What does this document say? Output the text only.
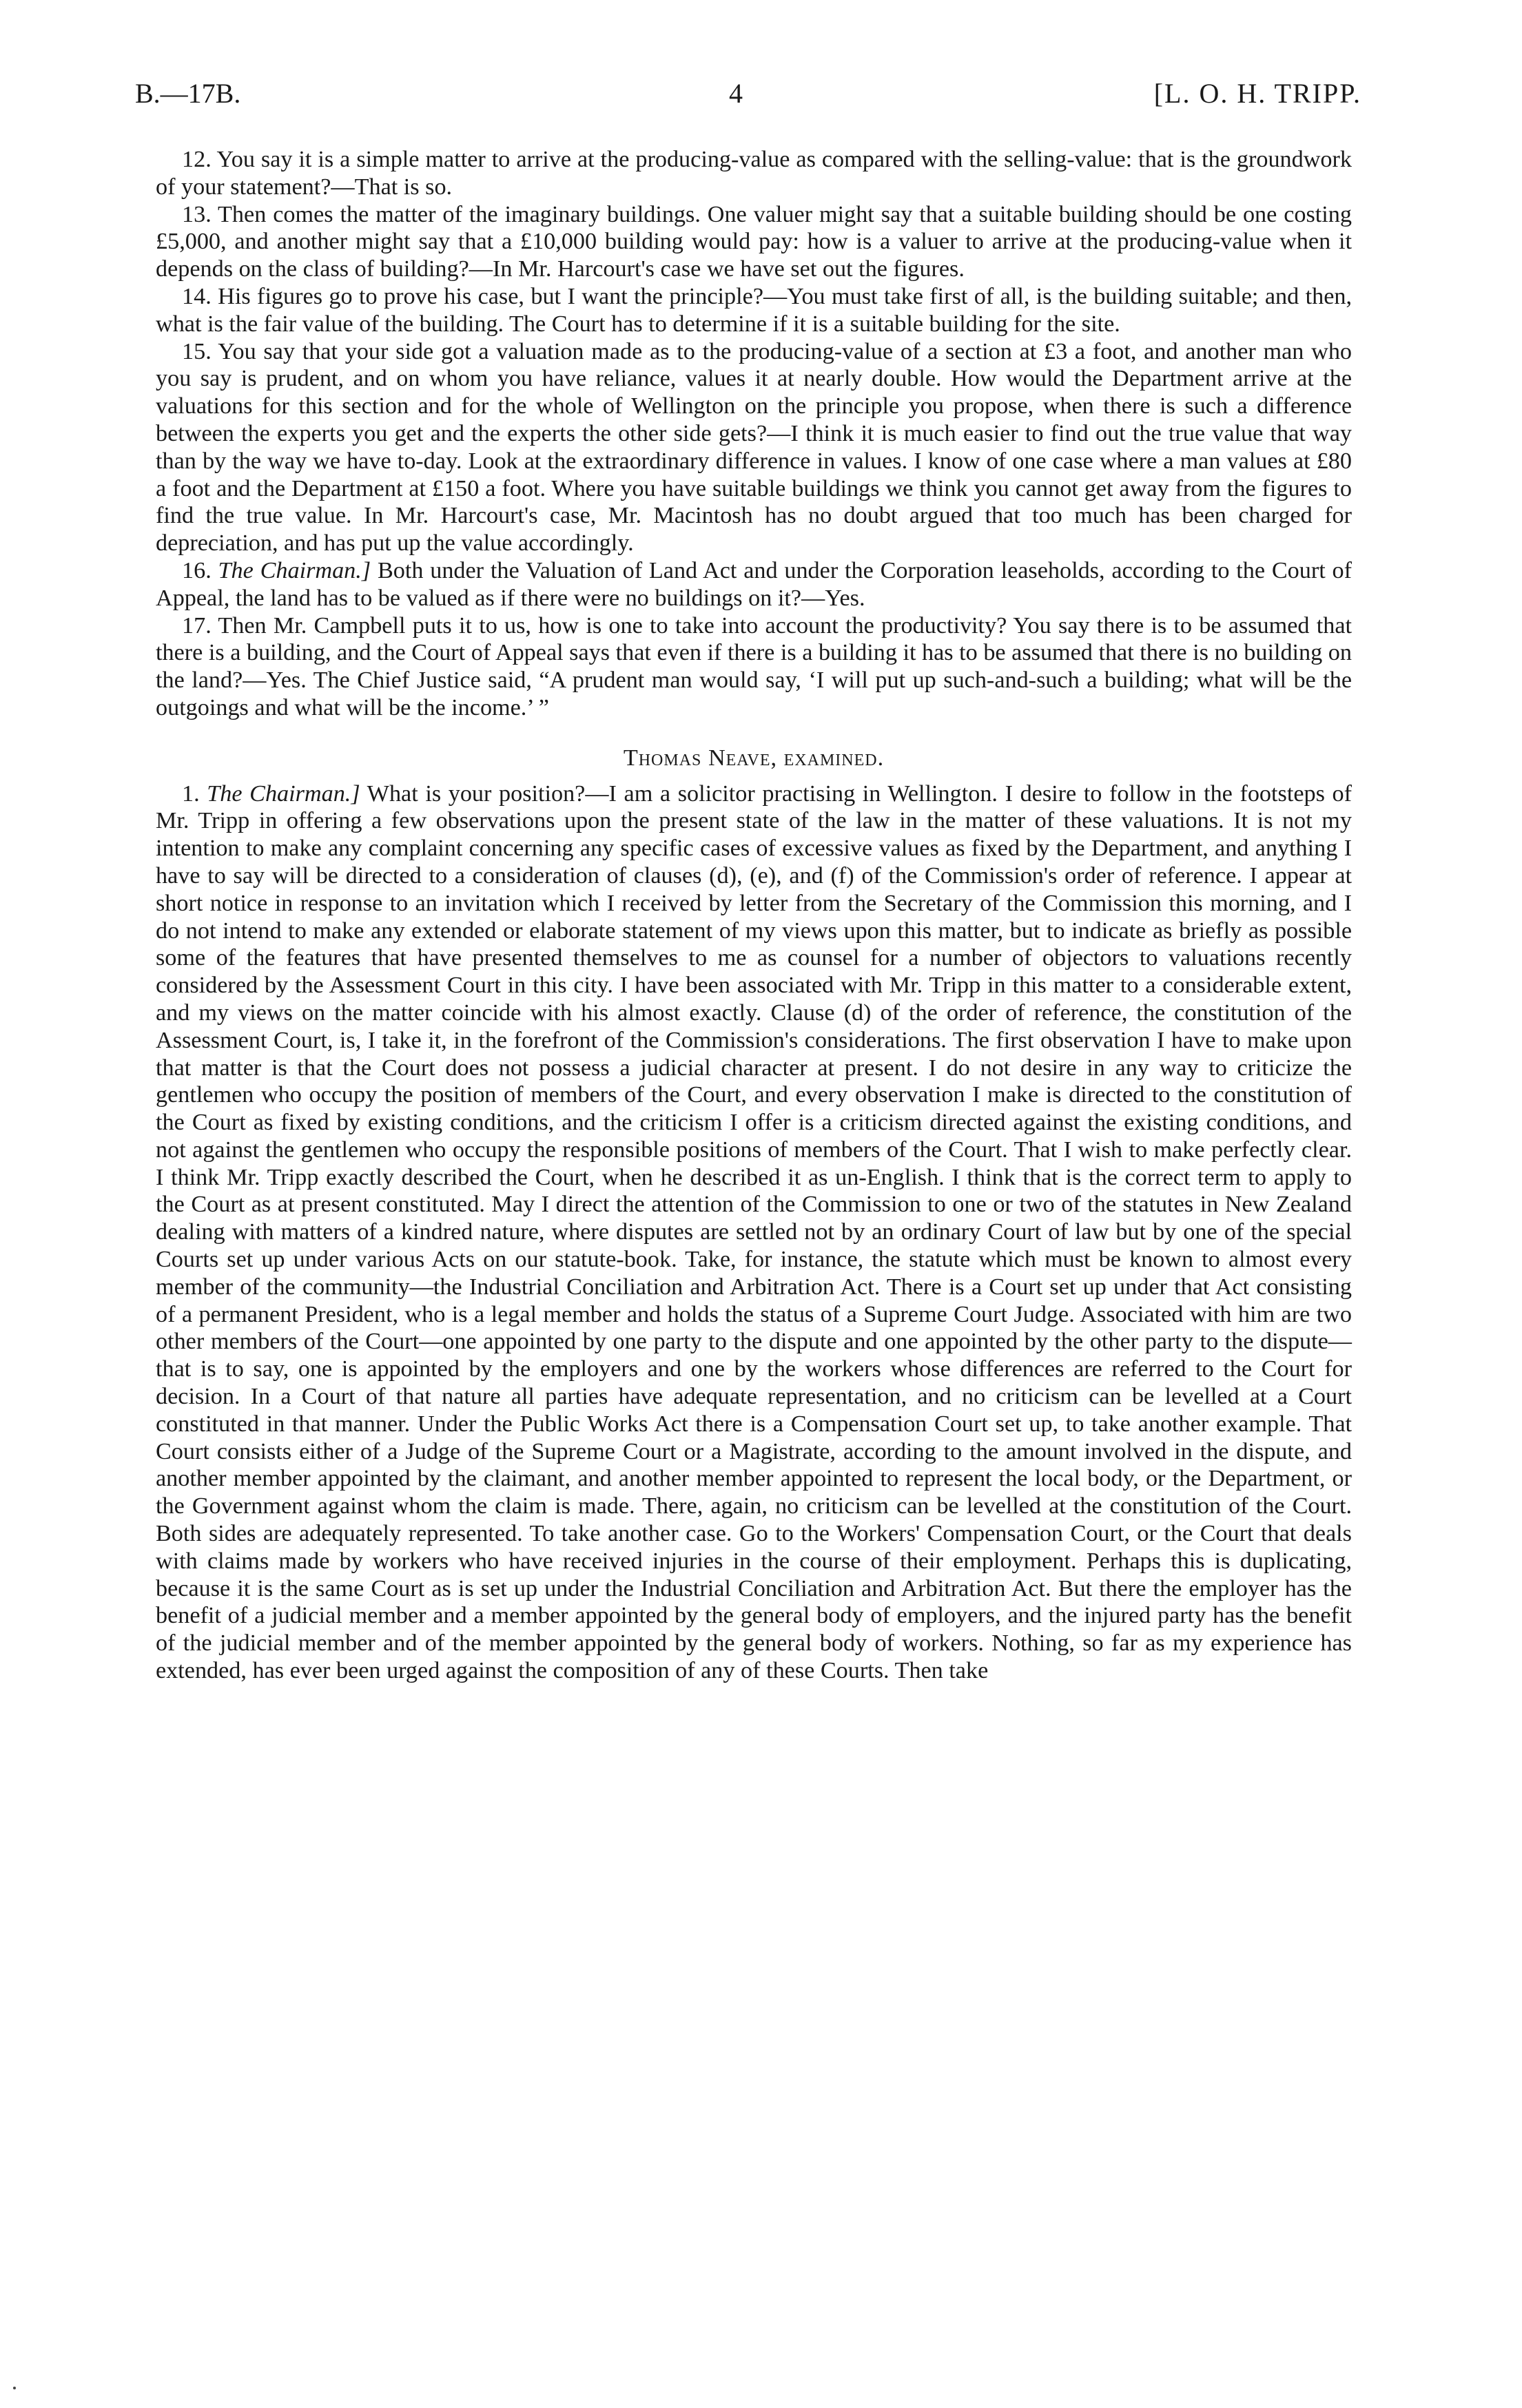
B.—17B.	4	[L. O. H. TRIPP.

12. You say it is a simple matter to arrive at the producing-value as compared with the selling-value: that is the groundwork of your statement?—That is so.

13. Then comes the matter of the imaginary buildings. One valuer might say that a suitable building should be one costing £5,000, and another might say that a £10,000 building would pay: how is a valuer to arrive at the producing-value when it depends on the class of building?—In Mr. Harcourt's case we have set out the figures.

14. His figures go to prove his case, but I want the principle?—You must take first of all, is the building suitable; and then, what is the fair value of the building. The Court has to determine if it is a suitable building for the site.

15. You say that your side got a valuation made as to the producing-value of a section at £3 a foot, and another man who you say is prudent, and on whom you have reliance, values it at nearly double. How would the Department arrive at the valuations for this section and for the whole of Wellington on the principle you propose, when there is such a difference between the experts you get and the experts the other side gets?—I think it is much easier to find out the true value that way than by the way we have to-day. Look at the extraordinary difference in values. I know of one case where a man values at £80 a foot and the Department at £150 a foot. Where you have suitable buildings we think you cannot get away from the figures to find the true value. In Mr. Harcourt's case, Mr. Macintosh has no doubt argued that too much has been charged for depreciation, and has put up the value accordingly.

16. The Chairman.] Both under the Valuation of Land Act and under the Corporation leaseholds, according to the Court of Appeal, the land has to be valued as if there were no buildings on it?—Yes.

17. Then Mr. Campbell puts it to us, how is one to take into account the productivity? You say there is to be assumed that there is a building, and the Court of Appeal says that even if there is a building it has to be assumed that there is no building on the land?—Yes. The Chief Justice said, “A prudent man would say, ‘I will put up such-and-such a building; what will be the outgoings and what will be the income.’ ”

Thomas Neave, examined.

1. The Chairman.] What is your position?—I am a solicitor practising in Wellington. I desire to follow in the footsteps of Mr. Tripp in offering a few observations upon the present state of the law in the matter of these valuations. It is not my intention to make any complaint concerning any specific cases of excessive values as fixed by the Department, and anything I have to say will be directed to a consideration of clauses (d), (e), and (f) of the Commission's order of reference. I appear at short notice in response to an invitation which I received by letter from the Secretary of the Commission this morning, and I do not intend to make any extended or elaborate statement of my views upon this matter, but to indicate as briefly as possible some of the features that have presented themselves to me as counsel for a number of objectors to valuations recently considered by the Assessment Court in this city. I have been associated with Mr. Tripp in this matter to a considerable extent, and my views on the matter coincide with his almost exactly. Clause (d) of the order of reference, the constitution of the Assessment Court, is, I take it, in the forefront of the Commission's considerations. The first observation I have to make upon that matter is that the Court does not possess a judicial character at present. I do not desire in any way to criticize the gentlemen who occupy the position of members of the Court, and every observation I make is directed to the constitution of the Court as fixed by existing conditions, and the criticism I offer is a criticism directed against the existing conditions, and not against the gentlemen who occupy the responsible positions of members of the Court. That I wish to make perfectly clear. I think Mr. Tripp exactly described the Court, when he described it as un-English. I think that is the correct term to apply to the Court as at present constituted. May I direct the attention of the Commission to one or two of the statutes in New Zealand dealing with matters of a kindred nature, where disputes are settled not by an ordinary Court of law but by one of the special Courts set up under various Acts on our statute-book. Take, for instance, the statute which must be known to almost every member of the community—the Industrial Conciliation and Arbitration Act. There is a Court set up under that Act consisting of a permanent President, who is a legal member and holds the status of a Supreme Court Judge. Associated with him are two other members of the Court—one appointed by one party to the dispute and one appointed by the other party to the dispute—that is to say, one is appointed by the employers and one by the workers whose differences are referred to the Court for decision. In a Court of that nature all parties have adequate representation, and no criticism can be levelled at a Court constituted in that manner. Under the Public Works Act there is a Compensation Court set up, to take another example. That Court consists either of a Judge of the Supreme Court or a Magistrate, according to the amount involved in the dispute, and another member appointed by the claimant, and another member appointed to represent the local body, or the Department, or the Government against whom the claim is made. There, again, no criticism can be levelled at the constitution of the Court. Both sides are adequately represented. To take another case. Go to the Workers' Compensation Court, or the Court that deals with claims made by workers who have received injuries in the course of their employment. Perhaps this is duplicating, because it is the same Court as is set up under the Industrial Conciliation and Arbitration Act. But there the employer has the benefit of a judicial member and a member appointed by the general body of employers, and the injured party has the benefit of the judicial member and of the member appointed by the general body of workers. Nothing, so far as my experience has extended, has ever been urged against the composition of any of these Courts. Then take
